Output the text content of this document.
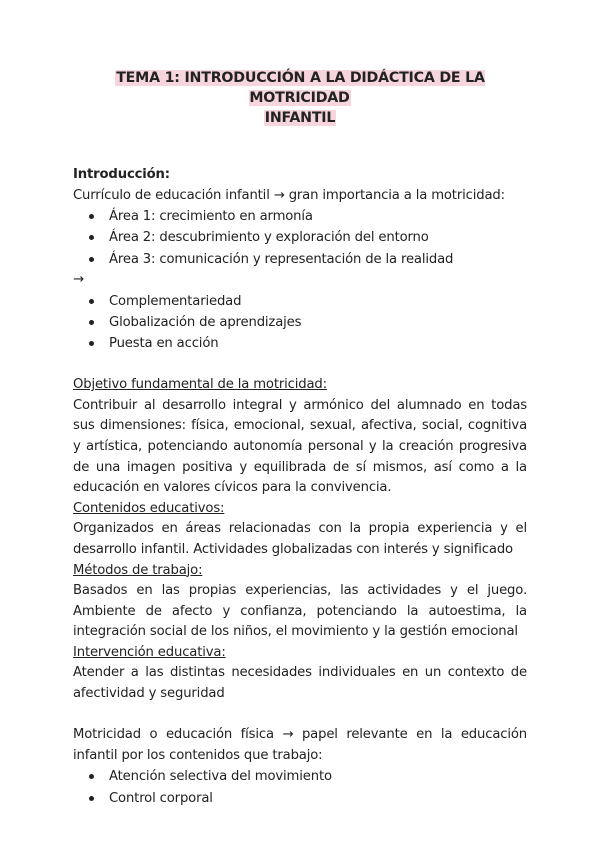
TEMA 1: INTRODUCCIÓN A LA DIDÁCTICA DE LA MOTRICIDAD
INFANTIL

Introducción:

Currículo de educación infantil → gran importancia a la motricidad:

Área 1: crecimiento en armonía
Área 2: descubrimiento y exploración del entorno
Área 3: comunicación y representación de la realidad

→

Complementariedad
Globalización de aprendizajes
Puesta en acción

Objetivo fundamental de la motricidad:

Contribuir al desarrollo integral y armónico del alumnado en todas sus dimensiones: física, emocional, sexual, afectiva, social, cognitiva y artística, potenciando autonomía personal y la creación progresiva de una imagen positiva y equilibrada de sí mismos, así como a la educación en valores cívicos para la convivencia.

Contenidos educativos:

Organizados en áreas relacionadas con la propia experiencia y el desarrollo infantil. Actividades globalizadas con interés y significado

Métodos de trabajo:

Basados en las propias experiencias, las actividades y el juego. Ambiente de afecto y confianza, potenciando la autoestima, la integración social de los niños, el movimiento y la gestión emocional

Intervención educativa:

Atender a las distintas necesidades individuales en un contexto de afectividad y seguridad

Motricidad o educación física → papel relevante en la educación infantil por los contenidos que trabajo:

Atención selectiva del movimiento
Control corporal
